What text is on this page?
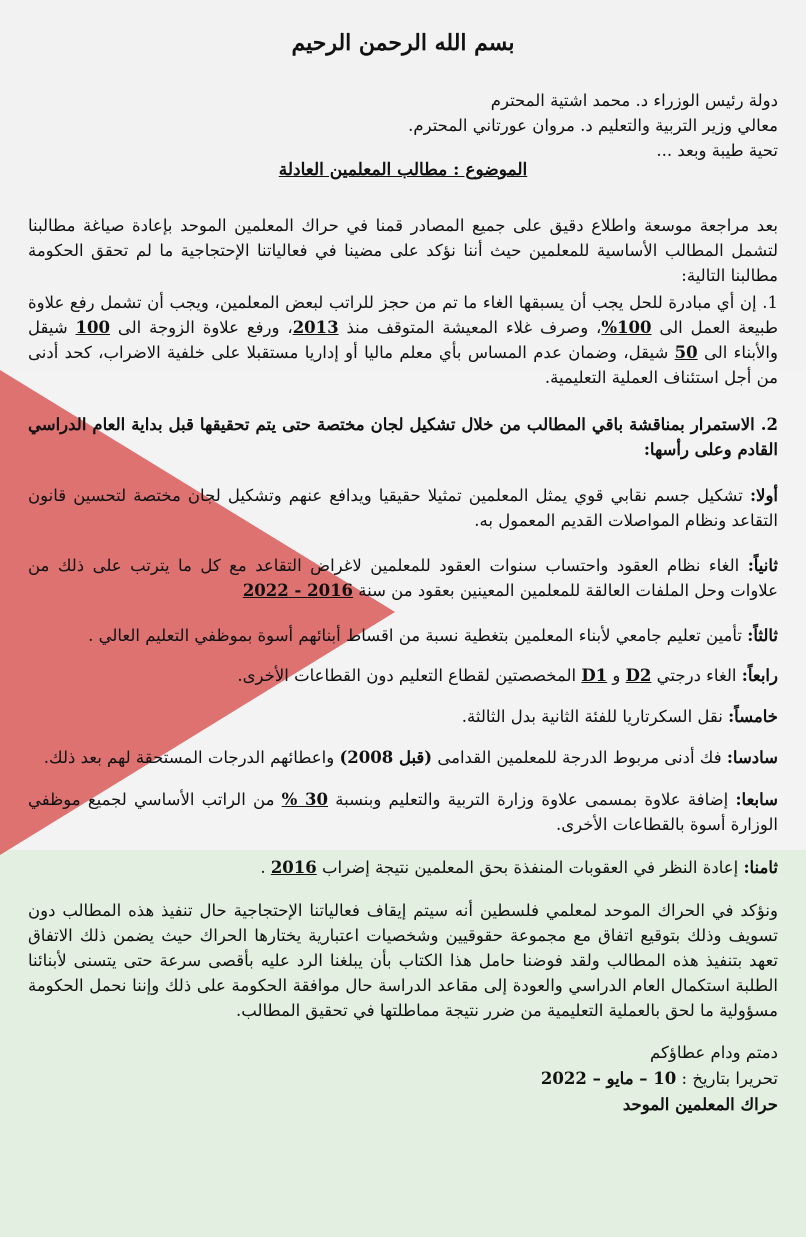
بسم الله الرحمن الرحيم
دولة رئيس الوزراء د. محمد اشتية المحترم
معالي وزير التربية والتعليم د. مروان عورتاني المحترم.
تحية طيبة وبعد ...
الموضوع : مطالب المعلمين العادلة
بعد مراجعة موسعة واطلاع دقيق على جميع المصادر قمنا في حراك المعلمين الموحد بإعادة صياغة مطالبنا لتشمل المطالب الأساسية للمعلمين حيث أننا نؤكد على مضينا في فعالياتنا الإحتجاجية ما لم تحقق الحكومة مطالبنا التالية:
1. إن أي مبادرة للحل يجب أن يسبقها الغاء ما تم من حجز للراتب لبعض المعلمين، ويجب أن تشمل رفع علاوة طبيعة العمل الى 100%، وصرف غلاء المعيشة المتوقف منذ 2013، ورفع علاوة الزوجة الى 100 شيقل والأبناء الى 50 شيقل، وضمان عدم المساس بأي معلم ماليا أو إداريا مستقبلا على خلفية الاضراب، كحد أدنى من أجل استئناف العملية التعليمية.
2. الاستمرار بمناقشة باقي المطالب من خلال تشكيل لجان مختصة حتى يتم تحقيقها قبل بداية العام الدراسي القادم وعلى رأسها:
أولا: تشكيل جسم نقابي قوي يمثل المعلمين تمثيلا حقيقيا ويدافع عنهم وتشكيل لجان مختصة لتحسين قانون التقاعد ونظام المواصلات القديم المعمول به.
ثانياً: الغاء نظام العقود واحتساب سنوات العقود للمعلمين لاغراض التقاعد مع كل ما يترتب على ذلك من علاوات وحل الملفات العالقة للمعلمين المعينين بعقود من سنة 2016 - 2022
ثالثاً: تأمين تعليم جامعي لأبناء المعلمين بتغطية نسبة من اقساط أبنائهم أسوة بموظفي التعليم العالي .
رابعاً: الغاء درجتي D2 و D1 المخصصتين لقطاع التعليم دون القطاعات الأخرى.
خامساً: نقل السكرتاريا للفئة الثانية بدل الثالثة.
سادسا: فك أدنى مربوط الدرجة للمعلمين القدامى (قبل 2008) واعطائهم الدرجات المستحقة لهم بعد ذلك.
سابعا: إضافة علاوة بمسمى علاوة وزارة التربية والتعليم وبنسبة 30 % من الراتب الأساسي لجميع موظفي الوزارة أسوة بالقطاعات الأخرى.
ثامنا: إعادة النظر في العقوبات المنفذة بحق المعلمين نتيجة إضراب 2016 .
ونؤكد في الحراك الموحد لمعلمي فلسطين أنه سيتم إيقاف فعالياتنا الإحتجاجية حال تنفيذ هذه المطالب دون تسويف وذلك بتوقيع اتفاق مع مجموعة حقوقيين وشخصيات اعتبارية يختارها الحراك حيث يضمن ذلك الاتفاق تعهد بتنفيذ هذه المطالب ولقد فوضنا حامل هذا الكتاب بأن يبلغنا الرد عليه بأقصى سرعة حتى يتسنى لأبنائنا الطلبة استكمال العام الدراسي والعودة إلى مقاعد الدراسة حال موافقة الحكومة على ذلك وإننا نحمل الحكومة مسؤولية ما لحق بالعملية التعليمية من ضرر نتيجة مماطلتها في تحقيق المطالب.
دمتم ودام عطاؤكم
تحريرا بتاريخ : 10 – مايو – 2022
حراك المعلمين الموحد
